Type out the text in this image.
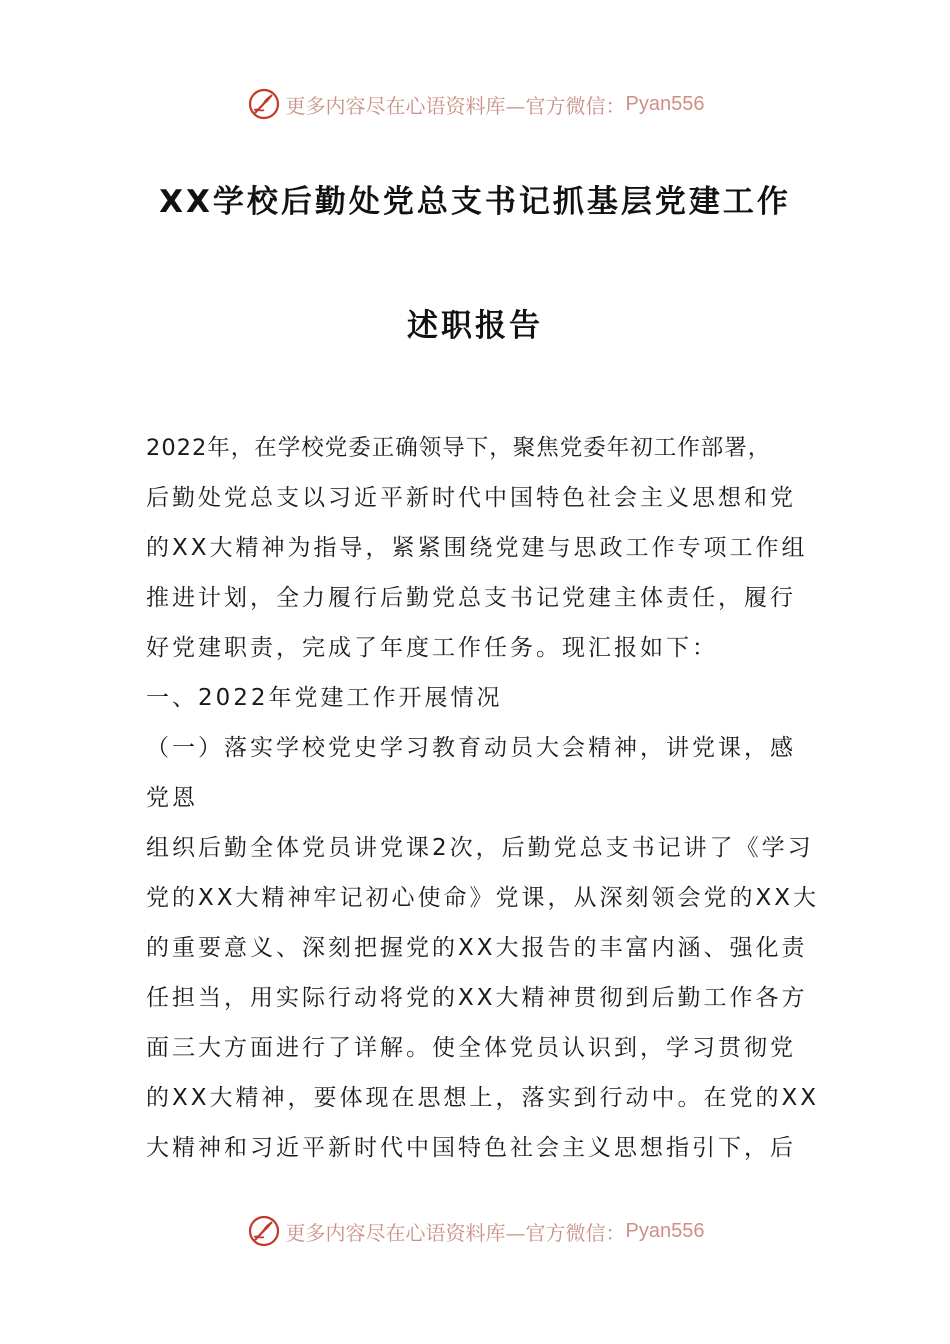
更多内容尽在心语资料库—官方微信： Pyan556
XX学校后勤处党总支书记抓基层党建工作
述职报告
2022年，在学校党委正确领导下，聚焦党委年初工作部署，
后勤处党总支以习近平新时代中国特色社会主义思想和党
的XX大精神为指导，紧紧围绕党建与思政工作专项工作组
推进计划，全力履行后勤党总支书记党建主体责任，履行
好党建职责，完成了年度工作任务。现汇报如下：
一、2022年党建工作开展情况
（一）落实学校党史学习教育动员大会精神，讲党课，感
党恩
组织后勤全体党员讲党课2次，后勤党总支书记讲了《学习
党的XX大精神牢记初心使命》党课，从深刻领会党的XX大
的重要意义、深刻把握党的XX大报告的丰富内涵、强化责
任担当，用实际行动将党的XX大精神贯彻到后勤工作各方
面三大方面进行了详解。使全体党员认识到，学习贯彻党
的XX大精神，要体现在思想上，落实到行动中。在党的XX
大精神和习近平新时代中国特色社会主义思想指引下，后
更多内容尽在心语资料库—官方微信： Pyan556
